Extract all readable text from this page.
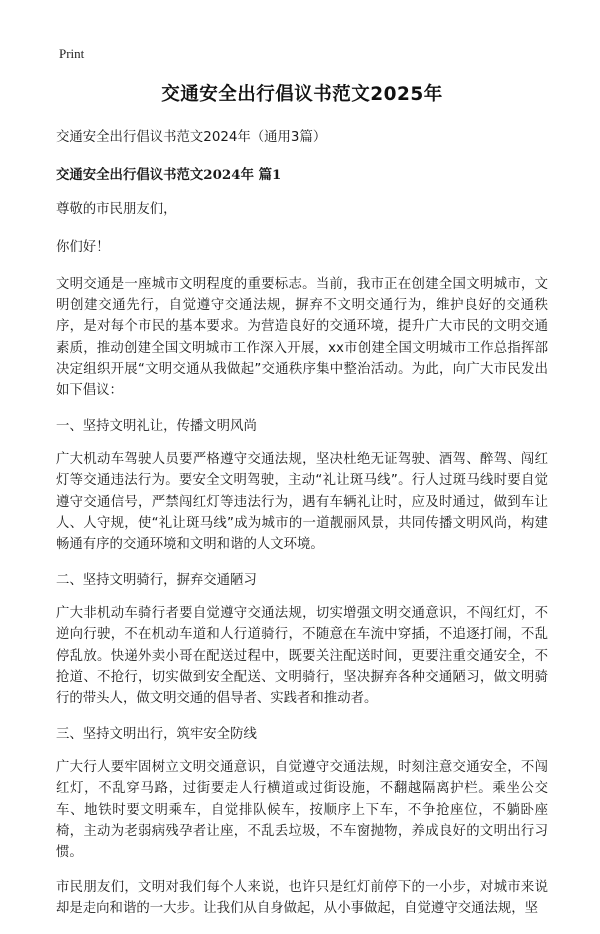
Print
交通安全出行倡议书范文2025年

交通安全出行倡议书范文2024年（通用3篇）

交通安全出行倡议书范文2024年 篇1

尊敬的市民朋友们，

你们好！

文明交通是一座城市文明程度的重要标志。当前，我市正在创建全国文明城市，文明创建交通先行，自觉遵守交通法规，摒弃不文明交通行为，维护良好的交通秩序，是对每个市民的基本要求。为营造良好的交通环境，提升广大市民的文明交通素质，推动创建全国文明城市工作深入开展，xx市创建全国文明城市工作总指挥部决定组织开展“文明交通从我做起”交通秩序集中整治活动。为此，向广大市民发出如下倡议：

一、坚持文明礼让，传播文明风尚

广大机动车驾驶人员要严格遵守交通法规，坚决杜绝无证驾驶、酒驾、醉驾、闯红灯等交通违法行为。要安全文明驾驶，主动“礼让斑马线”。行人过斑马线时要自觉遵守交通信号，严禁闯红灯等违法行为，遇有车辆礼让时，应及时通过，做到车让人、人守规，使“礼让斑马线”成为城市的一道靓丽风景，共同传播文明风尚，构建畅通有序的交通环境和文明和谐的人文环境。

二、坚持文明骑行，摒弃交通陋习

广大非机动车骑行者要自觉遵守交通法规，切实增强文明交通意识，不闯红灯，不逆向行驶，不在机动车道和人行道骑行，不随意在车流中穿插，不追逐打闹，不乱停乱放。快递外卖小哥在配送过程中，既要关注配送时间，更要注重交通安全，不抢道、不抢行，切实做到安全配送、文明骑行，坚决摒弃各种交通陋习，做文明骑行的带头人，做文明交通的倡导者、实践者和推动者。

三、坚持文明出行，筑牢安全防线

广大行人要牢固树立文明交通意识，自觉遵守交通法规，时刻注意交通安全，不闯红灯，不乱穿马路，过街要走人行横道或过街设施，不翻越隔离护栏。乘坐公交车、地铁时要文明乘车，自觉排队候车，按顺序上下车，不争抢座位，不躺卧座椅，主动为老弱病残孕者让座，不乱丢垃圾，不车窗抛物，养成良好的文明出行习惯。

市民朋友们，文明对我们每个人来说，也许只是红灯前停下的一小步，对城市来说却是走向和谐的一大步。让我们从自身做起，从小事做起，自觉遵守交通法规，坚
